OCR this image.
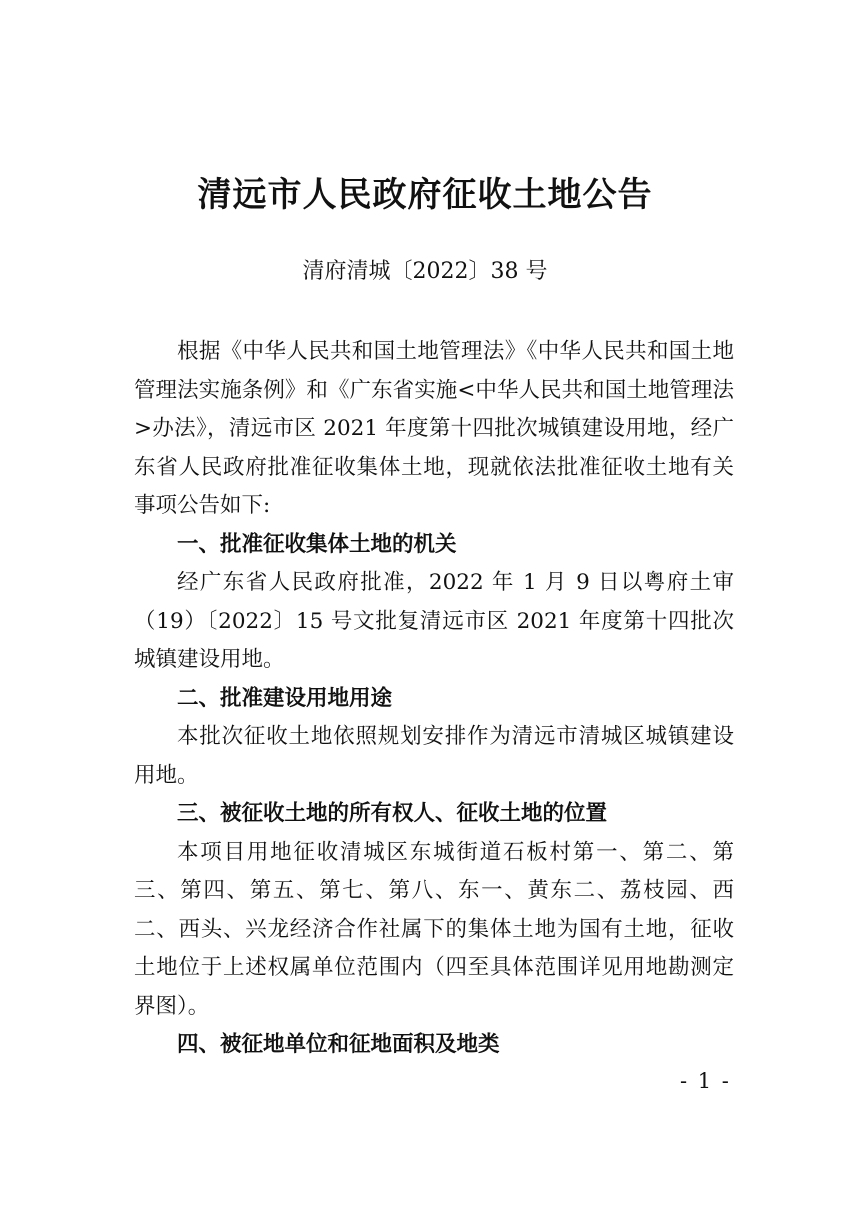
清远市人民政府征收土地公告

清府清城〔2022〕38 号

根据《中华人民共和国土地管理法》《中华人民共和国土地管理法实施条例》和《广东省实施<中华人民共和国土地管理法>办法》，清远市区 2021 年度第十四批次城镇建设用地，经广东省人民政府批准征收集体土地，现就依法批准征收土地有关事项公告如下:

一、批准征收集体土地的机关

经广东省人民政府批准，2022 年 1 月 9 日以粤府土审（19）〔2022〕15 号文批复清远市区 2021 年度第十四批次城镇建设用地。

二、批准建设用地用途

本批次征收土地依照规划安排作为清远市清城区城镇建设用地。

三、被征收土地的所有权人、征收土地的位置

本项目用地征收清城区东城街道石板村第一、第二、第三、第四、第五、第七、第八、东一、黄东二、荔枝园、西二、西头、兴龙经济合作社属下的集体土地为国有土地，征收土地位于上述权属单位范围内（四至具体范围详见用地勘测定界图）。

四、被征地单位和征地面积及地类

- 1 -
